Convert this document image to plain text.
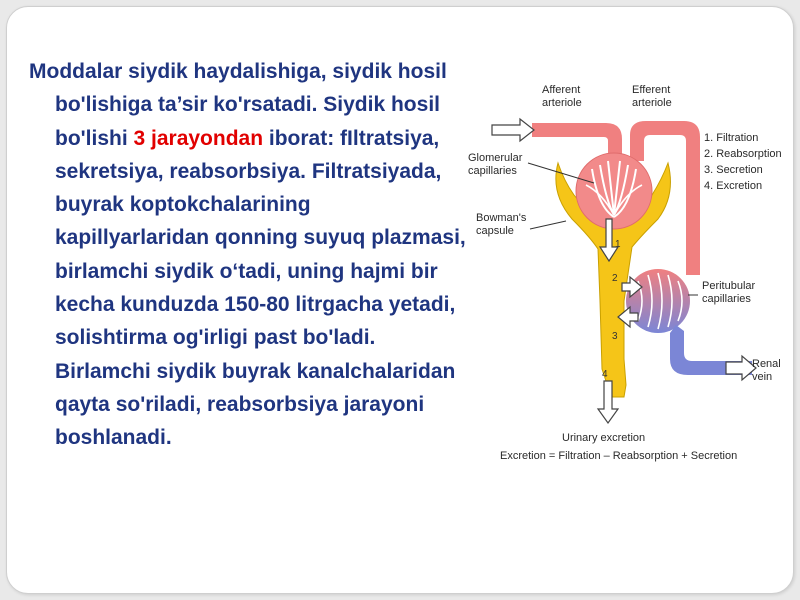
Moddalar siydik haydalishiga, siydik hosil bo'lishiga ta’sir ko'rsatadi. Siydik hosil bo'lishi 3 jarayondan iborat: fIltratsiya, sekretsiya, reabsorbsiya. Filtratsiyada, buyrak koptokchalarining kapillyarlaridan qonning suyuq plazmasi, birlamchi siydik oʻtadi, uning hajmi bir kecha kunduzda 150-80 litrgacha yetadi, solishtirma og'irligi past bo'ladi. Birlamchi siydik buyrak kanalchalaridan qayta so'riladi, reabsorbsiya jarayoni boshlanadi.

1
2
3
4
Afferent arteriole
Efferent arteriole
Glomerular capillaries
Bowman's capsule
Peritubular capillaries
Renal vein
1. Filtration
2. Reabsorption
3. Secretion
4. Excretion
Urinary excretion
Excretion = Filtration – Reabsorption + Secretion
